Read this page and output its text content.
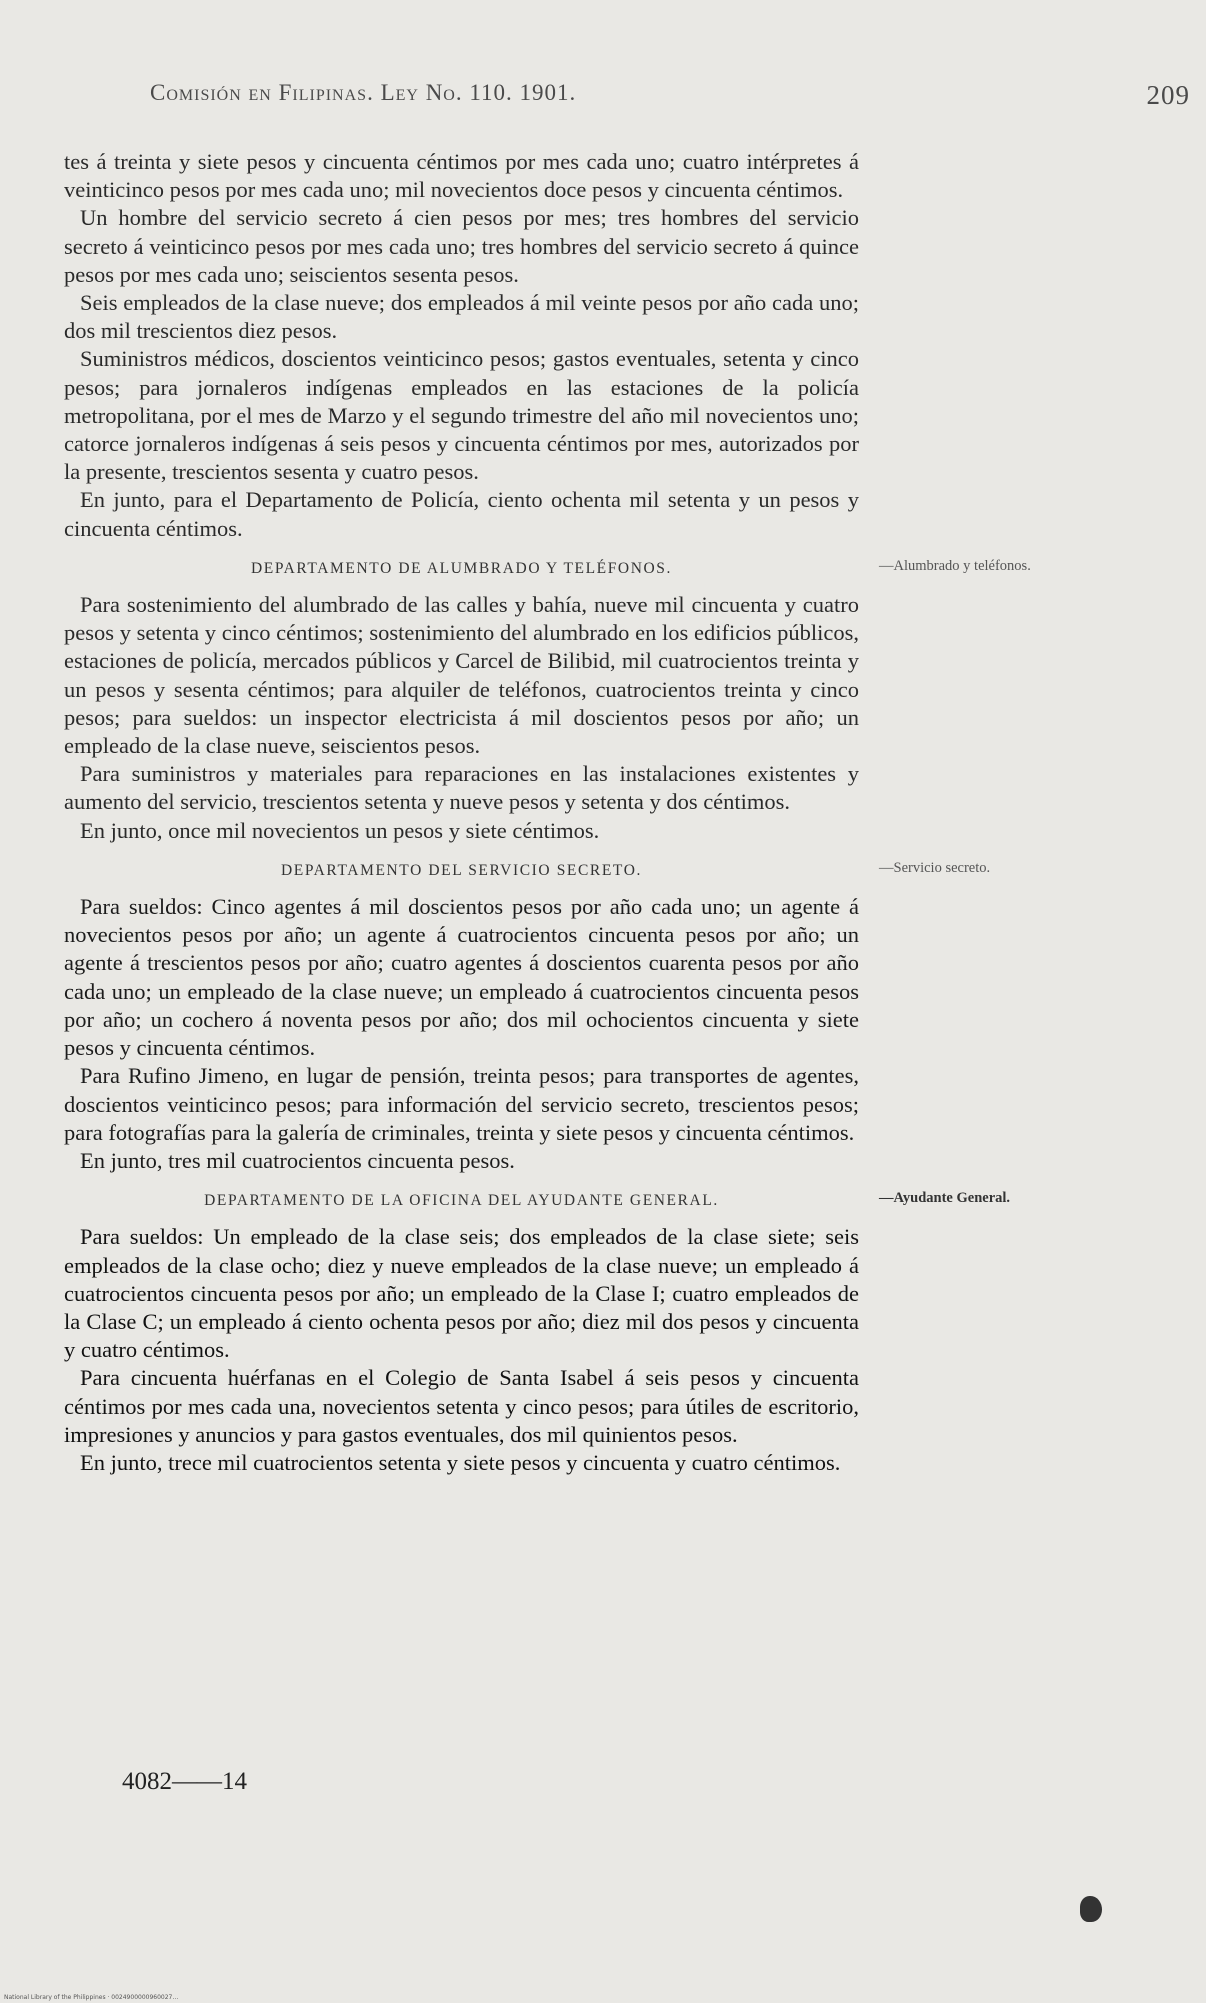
Comisión en Filipinas. Ley No. 110. 1901.	209

tes á treinta y siete pesos y cincuenta céntimos por mes cada uno; cuatro intérpretes á veinticinco pesos por mes cada uno; mil novecientos doce pesos y cincuenta céntimos.

Un hombre del servicio secreto á cien pesos por mes; tres hombres del servicio secreto á veinticinco pesos por mes cada uno; tres hombres del servicio secreto á quince pesos por mes cada uno; seiscientos sesenta pesos.

Seis empleados de la clase nueve; dos empleados á mil veinte pesos por año cada uno; dos mil trescientos diez pesos.

Suministros médicos, doscientos veinticinco pesos; gastos eventuales, setenta y cinco pesos; para jornaleros indígenas empleados en las estaciones de la policía metropolitana, por el mes de Marzo y el segundo trimestre del año mil novecientos uno; catorce jornaleros indígenas á seis pesos y cincuenta céntimos por mes, autorizados por la presente, trescientos sesenta y cuatro pesos.

En junto, para el Departamento de Policía, ciento ochenta mil setenta y un pesos y cincuenta céntimos.

DEPARTAMENTO DE ALUMBRADO Y TELÉFONOS.	—Alumbrado y teléfonos.

Para sostenimiento del alumbrado de las calles y bahía, nueve mil cincuenta y cuatro pesos y setenta y cinco céntimos; sostenimiento del alumbrado en los edificios públicos, estaciones de policía, mercados públicos y Carcel de Bilibid, mil cuatrocientos treinta y un pesos y sesenta céntimos; para alquiler de teléfonos, cuatrocientos treinta y cinco pesos; para sueldos: un inspector electricista á mil doscientos pesos por año; un empleado de la clase nueve, seiscientos pesos.

Para suministros y materiales para reparaciones en las instalaciones existentes y aumento del servicio, trescientos setenta y nueve pesos y setenta y dos céntimos.

En junto, once mil novecientos un pesos y siete céntimos.

DEPARTAMENTO DEL SERVICIO SECRETO.	—Servicio secreto.

Para sueldos: Cinco agentes á mil doscientos pesos por año cada uno; un agente á novecientos pesos por año; un agente á cuatrocientos cincuenta pesos por año; un agente á trescientos pesos por año; cuatro agentes á doscientos cuarenta pesos por año cada uno; un empleado de la clase nueve; un empleado á cuatrocientos cincuenta pesos por año; un cochero á noventa pesos por año; dos mil ochocientos cincuenta y siete pesos y cincuenta céntimos.

Para Rufino Jimeno, en lugar de pensión, treinta pesos; para transportes de agentes, doscientos veinticinco pesos; para información del servicio secreto, trescientos pesos; para fotografías para la galería de criminales, treinta y siete pesos y cincuenta céntimos.

En junto, tres mil cuatrocientos cincuenta pesos.

DEPARTAMENTO DE LA OFICINA DEL AYUDANTE GENERAL.	—Ayudante General.

Para sueldos: Un empleado de la clase seis; dos empleados de la clase siete; seis empleados de la clase ocho; diez y nueve empleados de la clase nueve; un empleado á cuatrocientos cincuenta pesos por año; un empleado de la Clase I; cuatro empleados de la Clase C; un empleado á ciento ochenta pesos por año; diez mil dos pesos y cincuenta y cuatro céntimos.

Para cincuenta huérfanas en el Colegio de Santa Isabel á seis pesos y cincuenta céntimos por mes cada una, novecientos setenta y cinco pesos; para útiles de escritorio, impresiones y anuncios y para gastos eventuales, dos mil quinientos pesos.

En junto, trece mil cuatrocientos setenta y siete pesos y cincuenta y cuatro céntimos.

4082——14
National Library of the Philippines · 0024900000960027…
